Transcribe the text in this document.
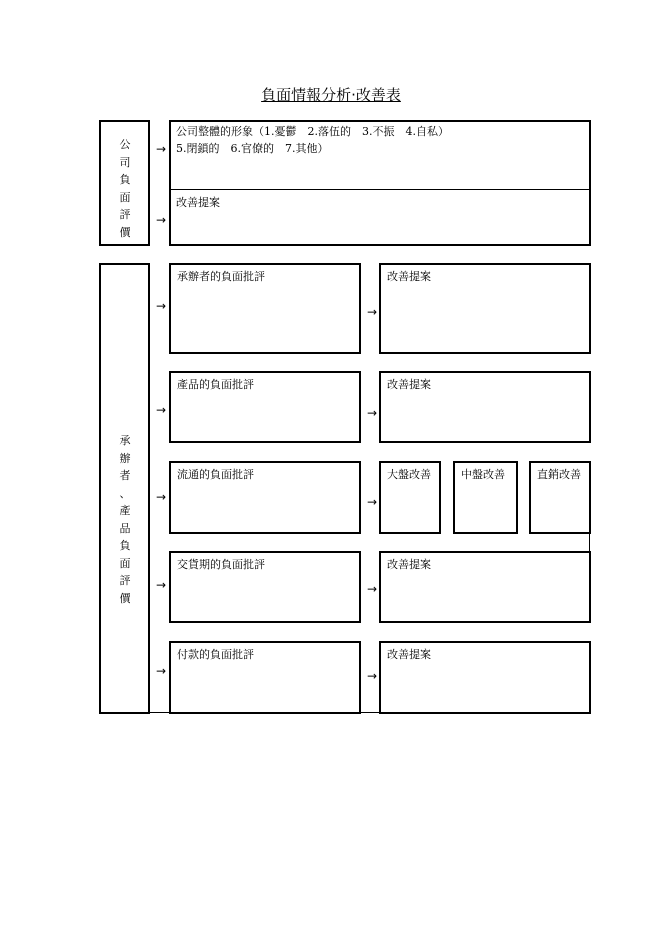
負面情報分析‧改善表
公
司
負
面
評
價
→
→
公司整體的形象（1.憂鬱　2.落伍的　3.不振　4.自私）
5.閉鎖的　6.官僚的　7.其他）
改善提案
承
辦
者
、
產
品
負
面
評
價
→
承辦者的負面批評
→
改善提案
→
產品的負面批評
→
改善提案
→
流通的負面批評
→
大盤改善	中盤改善	直銷改善
→
交貨期的負面批評
→
改善提案
→
付款的負面批評
→
改善提案
